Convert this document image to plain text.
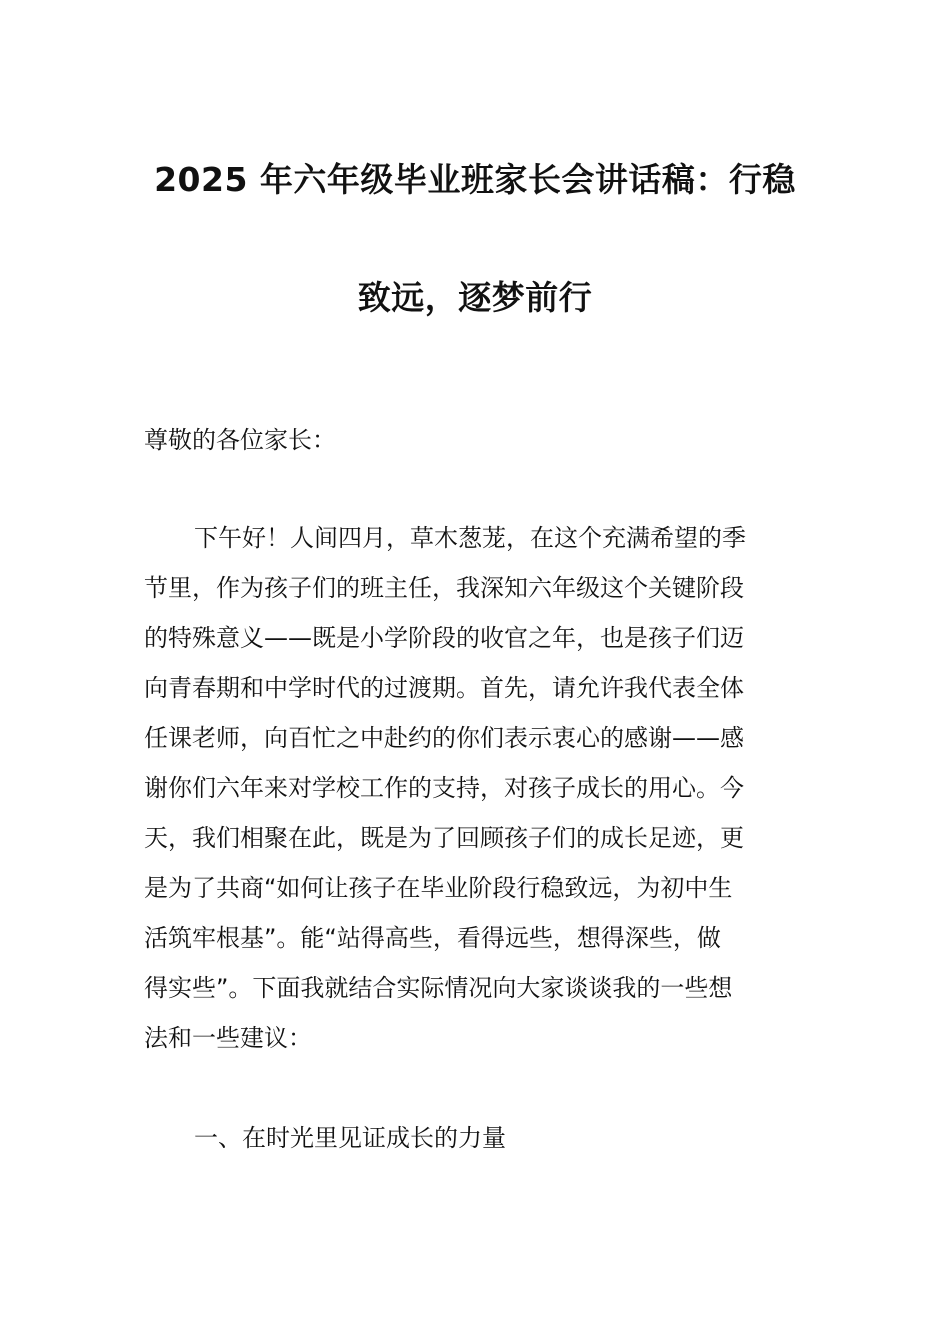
2025 年六年级毕业班家长会讲话稿：行稳
致远，逐梦前行
尊敬的各位家长：
下午好！人间四月，草木葱茏，在这个充满希望的季
节里，作为孩子们的班主任，我深知六年级这个关键阶段
的特殊意义——既是小学阶段的收官之年，也是孩子们迈
向青春期和中学时代的过渡期。首先，请允许我代表全体
任课老师，向百忙之中赴约的你们表示衷心的感谢——感
谢你们六年来对学校工作的支持，对孩子成长的用心。今
天，我们相聚在此，既是为了回顾孩子们的成长足迹，更
是为了共商“如何让孩子在毕业阶段行稳致远，为初中生
活筑牢根基”。能“站得高些，看得远些，想得深些，做
得实些”。下面我就结合实际情况向大家谈谈我的一些想
法和一些建议：
一、在时光里见证成长的力量
